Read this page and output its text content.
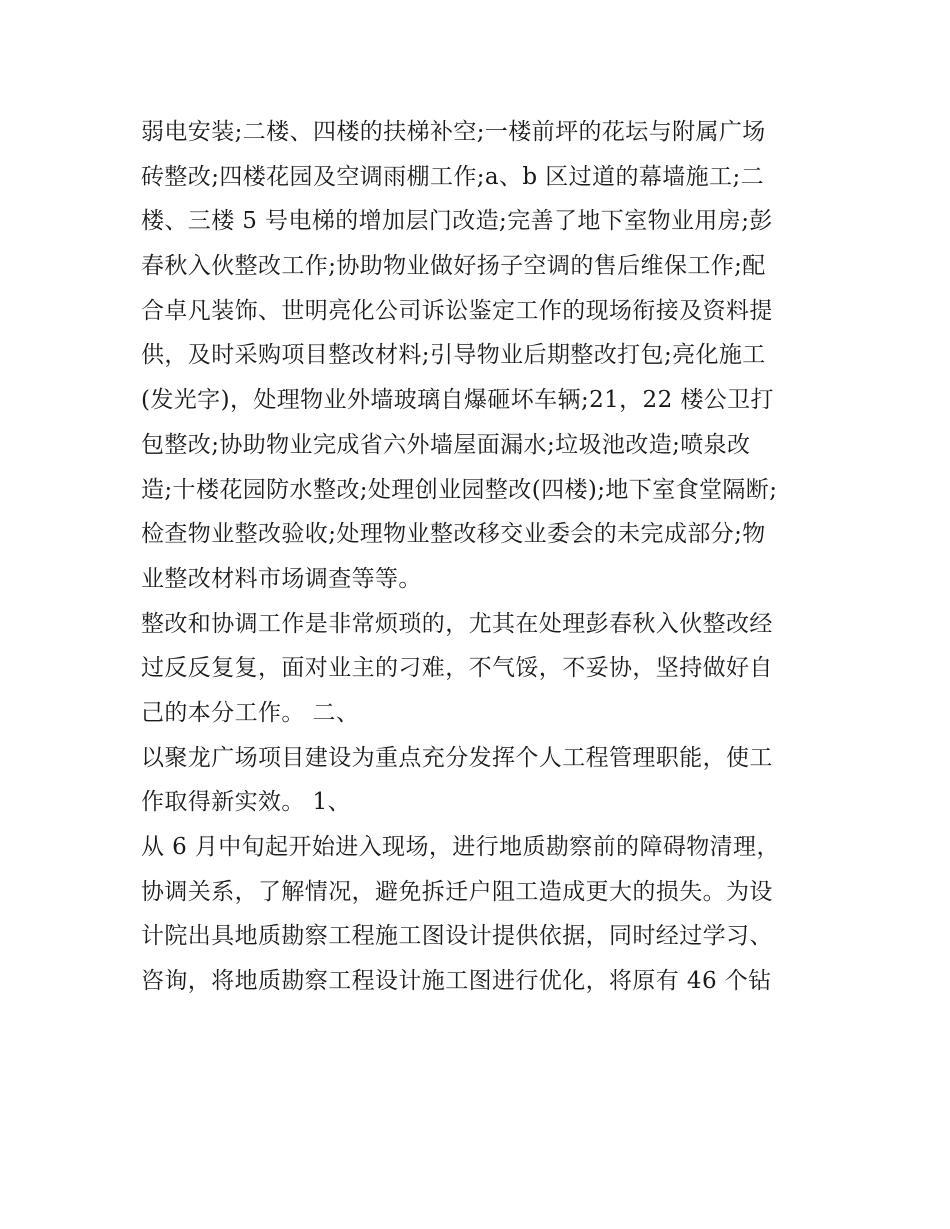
弱电安装;二楼、四楼的扶梯补空;一楼前坪的花坛与附属广场
砖整改;四楼花园及空调雨棚工作;a、b 区过道的幕墙施工;二
楼、三楼 5 号电梯的增加层门改造;完善了地下室物业用房;彭
春秋入伙整改工作;协助物业做好扬子空调的售后维保工作;配
合卓凡装饰、世明亮化公司诉讼鉴定工作的现场衔接及资料提
供，及时采购项目整改材料;引导物业后期整改打包;亮化施工
(发光字)，处理物业外墙玻璃自爆砸坏车辆;21，22 楼公卫打
包整改;协助物业完成省六外墙屋面漏水;垃圾池改造;喷泉改
造;十楼花园防水整改;处理创业园整改(四楼);地下室食堂隔断;
检查物业整改验收;处理物业整改移交业委会的未完成部分;物
业整改材料市场调查等等。
整改和协调工作是非常烦琐的，尤其在处理彭春秋入伙整改经
过反反复复，面对业主的刁难，不气馁，不妥协，坚持做好自
己的本分工作。 二、
以聚龙广场项目建设为重点充分发挥个人工程管理职能，使工
作取得新实效。 1、
从 6 月中旬起开始进入现场，进行地质勘察前的障碍物清理，
协调关系，了解情况，避免拆迁户阻工造成更大的损失。为设
计院出具地质勘察工程施工图设计提供依据，同时经过学习、
咨询，将地质勘察工程设计施工图进行优化，将原有 46 个钻
